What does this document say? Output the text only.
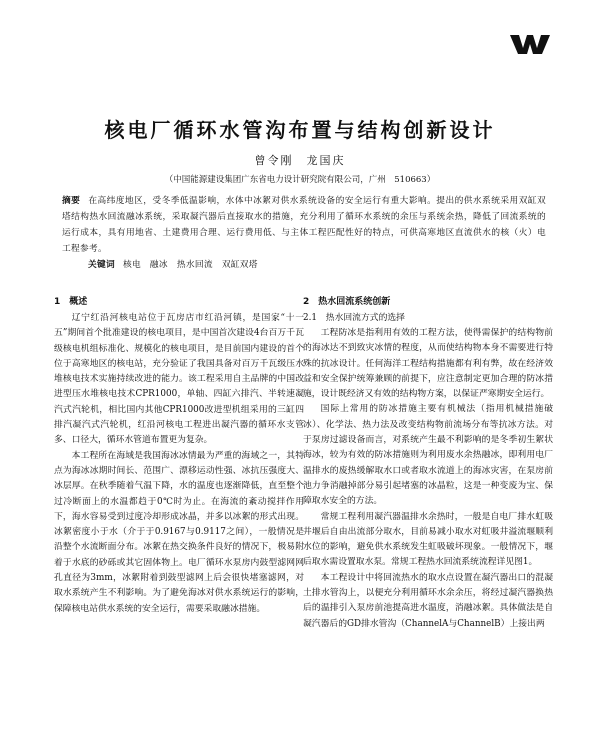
核电厂循环水管沟布置与结构创新设计
曾令刚　龙国庆
（中国能源建设集团广东省电力设计研究院有限公司，广州　510663）

摘要 在高纬度地区，受冬季低温影响，水体中冰絮对供水系统设备的安全运行有重大影响。提出的供水系统采用双缸双塔结构热水回流融冰系统，采取凝汽器后直接取水的措施，充分利用了循环水系统的余压与系统余热，降低了回流系统的运行成本，具有用地省、土建费用合理、运行费用低、与主体工程匹配性好的特点，可供高寒地区直流供水的核（火）电工程参考。

关键词 核电　融冰　热水回流　双缸双塔
1　概述

辽宁红沿河核电站位于瓦房店市红沿河镇，是国家“十一五”期间首个批准建设的核电项目，是中国首次建设4台百万千瓦级核电机组标准化、规模化的核电项目，是目前国内建设的首个位于高寒地区的核电站，充分验证了我国具备对百万千瓦级压水堆核电技术实施持续改进的能力。该工程采用自主品牌的中国改进型压水堆核电技术CPR1000，单轴、四缸六排汽、半转速凝汽式汽轮机，相比国内其他CPR1000改进型机组采用的三缸四排汽凝汽式汽轮机，红沿河核电工程进出凝汽器的循环水支管多、口径大，循环水管道布置更为复杂。

本工程所在海域是我国海冰冰情最为严重的海域之一，其特点为海冰冰期时间长、范围广、漂移运动性强、冰抗压强度大、冰层厚。在秋季随着气温下降，水的温度也逐渐降低，直至整个过冷断面上的水温都趋于0℃时为止。在海流的紊动搅拌作用下，海水容易受到过度冷却形成冰晶，并多以冰絮的形式出现。冰絮密度小于水（介于于0.9167与0.9117之间），一般情况是沿整个水流断面分布。冰絮在热交换条件良好的情况下，极易附着于水底的砂砾或其它固体物上。电厂循环水泵房内鼓型滤网网孔直径为3mm，冰絮附着到鼓型滤网上后会很快堵塞滤网，对取水系统产生不利影响。为了避免海冰对供水系统运行的影响，保障核电站供水系统的安全运行，需要采取融冰措施。

2　热水回流系统创新
2.1　热水回流方式的选择

工程防冰是指利用有效的工程方法，使得需保护的结构物前的海冰达不到致灾冰情的程度，从而使结构物本身不需要进行特殊的抗冰设计。任何海洋工程结构措施都有利有弊，故在经济效益和安全保护统筹兼顾的前提下，应注意制定更加合理的防冰措施，设计既经济又有效的结构物方案，以保证严寒期安全运行。

国际上常用的防冰措施主要有机械法（指用机械措施破冰）、化学法、热力法及改变结构物前流场分布等抗冰方法。对于泵房过滤设备而言，对系统产生最不利影响的是冬季初生絮状海冰，较为有效的防冰措施则为利用废水余热融冰，即利用电厂温排水的废热缓解取水口或者取水流道上的海冰灾害，在泵房前池力争消融掉部分易引起堵塞的冰晶粒，这是一种变废为宝、保障取水安全的方法。

常规工程利用凝汽器温排水余热时，一般是自电厂排水虹吸井堰后自由出流部分取水，目前易减小取水对虹吸井溢流堰顺利水位的影响，避免供水系统发生虹吸破坏现象。一般情况下，堰后取水需设置取水泵。常规工程热水回流系统流程详见图1。

本工程设计中将回流热水的取水点设置在凝汽器出口的混凝土排水管沟上，以便充分利用循环水余余压，将经过凝汽器换热后的温排引入泵房前池提高进水温度，消融冰絮。具体做法是自凝汽器后的GD排水管沟（ChannelA与ChannelB）上接出两
